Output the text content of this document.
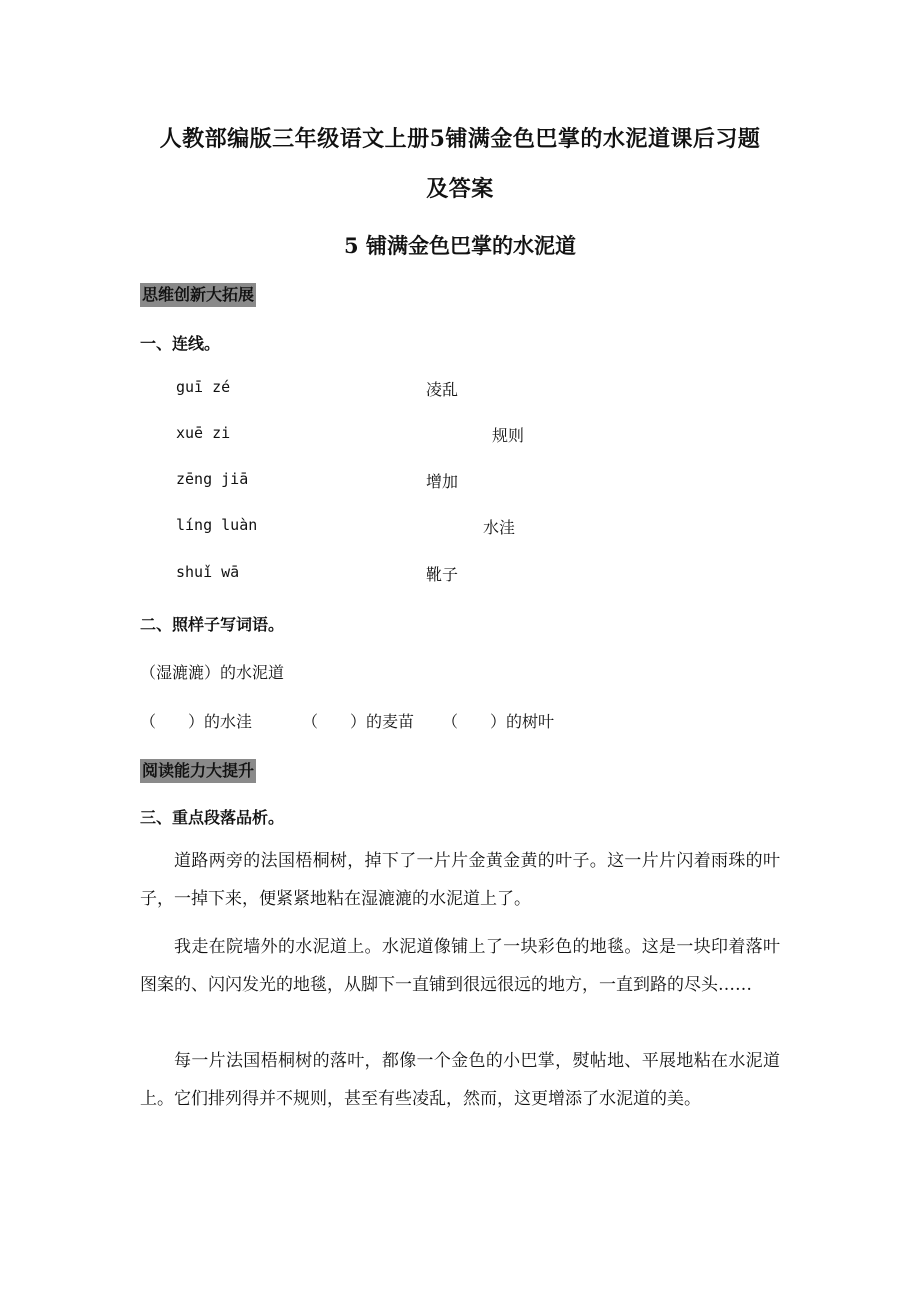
人教部编版三年级语文上册5铺满金色巴掌的水泥道课后习题
及答案
5 铺满金色巴掌的水泥道
思维创新大拓展
一、连线。
guī zé	凌乱
xuē zi	规则
zēng jiā	增加
líng luàn	水洼
shuǐ wā	靴子
二、照样子写词语。
（湿漉漉）的水泥道
（　　）的水洼	（　　）的麦苗 （　　）的树叶
阅读能力大提升
三、重点段落品析。
道路两旁的法国梧桐树，掉下了一片片金黄金黄的叶子。这一片片闪着雨珠的叶子，一掉下来，便紧紧地粘在湿漉漉的水泥道上了。
我走在院墙外的水泥道上。水泥道像铺上了一块彩色的地毯。这是一块印着落叶图案的、闪闪发光的地毯，从脚下一直铺到很远很远的地方，一直到路的尽头……
每一片法国梧桐树的落叶，都像一个金色的小巴掌，熨帖地、平展地粘在水泥道上。它们排列得并不规则，甚至有些凌乱，然而，这更增添了水泥道的美。
